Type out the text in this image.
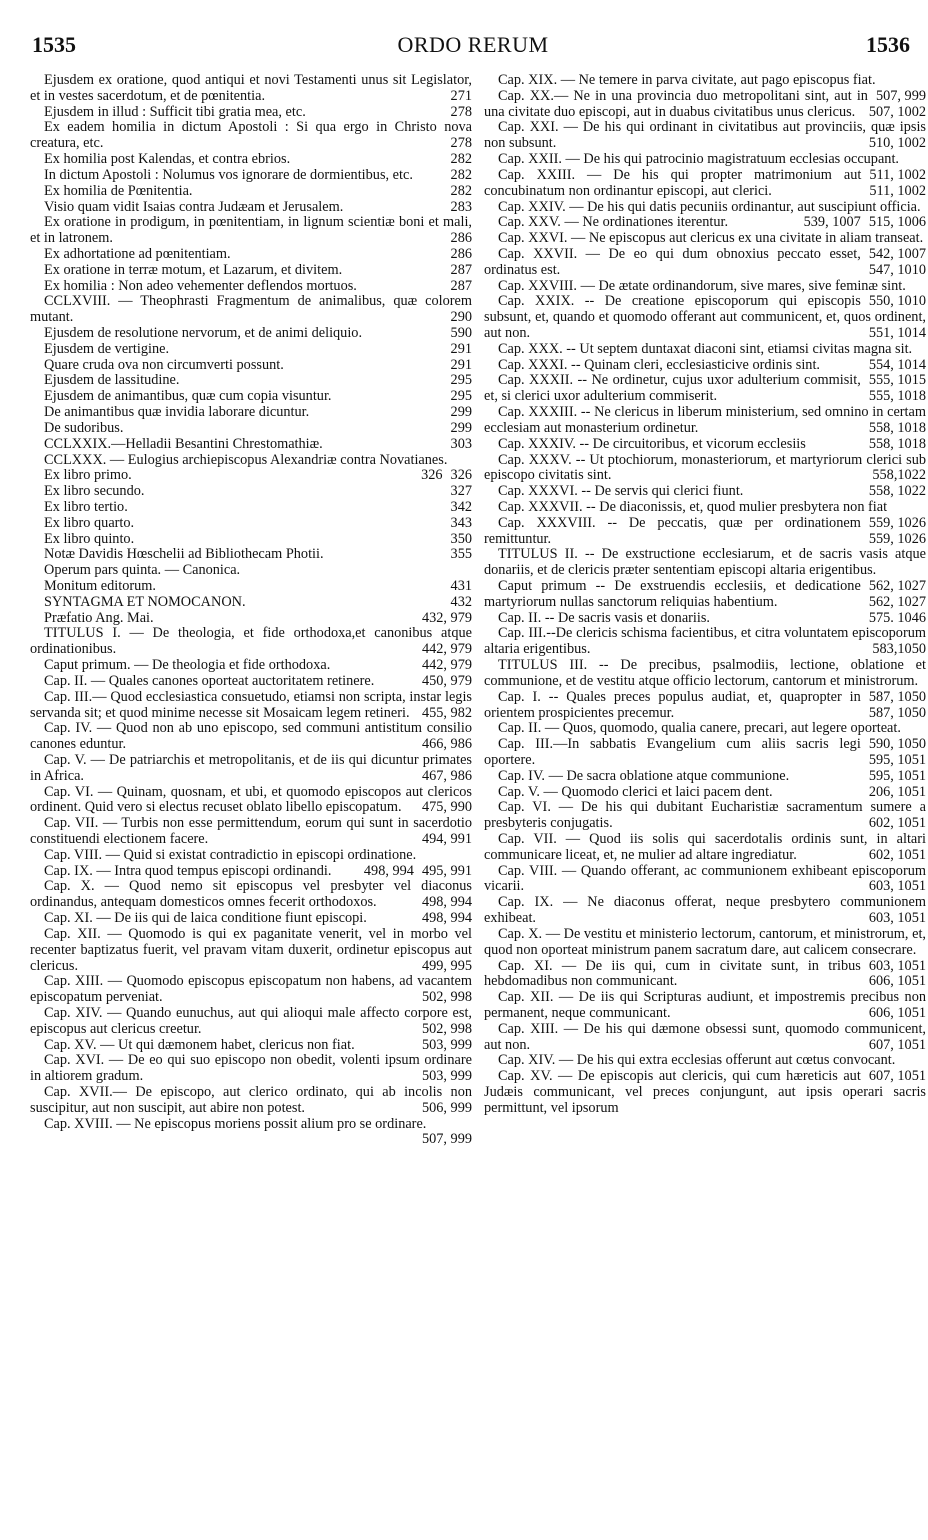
1535	ORDO RERUM	1536

Ejusdem ex oratione, quod antiqui et novi Testamenti unus sit Legislator, et in vestes sacerdotum, et de pœnitentia.	271

Ejusdem in illud : Sufficit tibi gratia mea, etc.	278

Ex eadem homilia in dictum Apostoli : Si qua ergo in Christo nova creatura, etc.	278

Ex homilia post Kalendas, et contra ebrios.	282

In dictum Apostoli : Nolumus vos ignorare de dormientibus, etc.	282

Ex homilia de Pœnitentia.	282

Visio quam vidit Isaias contra Judæam et Jerusalem.	283

Ex oratione in prodigum, in pœnitentiam, in lignum scientiæ boni et mali, et in latronem.	286

Ex adhortatione ad pœnitentiam.	286

Ex oratione in terræ motum, et Lazarum, et divitem.	287

Ex homilia : Non adeo vehementer deflendos mortuos.	287

CCLXVIII. — Theophrasti Fragmentum de animalibus, quæ colorem mutant.	290

Ejusdem de resolutione nervorum, et de animi deliquio.	590

Ejusdem de vertigine.	291

Quare cruda ova non circumverti possunt.	291

Ejusdem de lassitudine.	295

Ejusdem de animantibus, quæ cum copia visuntur.	295

De animantibus quæ invidia laborare dicuntur.	299

De sudoribus.	299

CCLXXIX.—Helladii Besantini Chrestomathiæ.	303

CCLXXX. — Eulogius archiepiscopus Alexandriæ contra Novatianes.
326

Ex libro primo.	326

Ex libro secundo.	327

Ex libro tertio.	342

Ex libro quarto.	343

Ex libro quinto.	350

Notæ Davidis Hœschelii ad Bibliothecam Photii.	355

Operum pars quinta. — Canonica.

Monitum editorum.	431

SYNTAGMA ET NOMOCANON.	432

Præfatio Ang. Mai.	432, 979

TITULUS I. — De theologia, et fide orthodoxa,et canonibus atque ordinationibus.	442, 979

Caput primum. — De theologia et fide orthodoxa.	442, 979

Cap. II. — Quales canones oporteat auctoritatem retinere.	450, 979

Cap. III.— Quod ecclesiastica consuetudo, etiamsi non scripta, instar legis servanda sit; et quod minime necesse sit Mosaicam legem retineri. 455, 982

Cap. IV. — Quod non ab uno episcopo, sed communi antistitum consilio canones eduntur.	466, 986

Cap. V. — De patriarchis et metropolitanis, et de iis qui dicuntur primates in Africa.	467, 986

Cap. VI. — Quinam, quosnam, et ubi, et quomodo episcopos aut clericos ordinent. Quid vero si electus recuset oblato libello episcopatum.	475, 990

Cap. VII. — Turbis non esse permittendum, eorum qui sunt in sacerdotio constituendi electionem facere.	494, 991

Cap. VIII. — Quid si existat contradictio in episcopi ordinatione.
495, 991

Cap. IX. — Intra quod tempus episcopi ordinandi.	498, 994

Cap. X. — Quod nemo sit episcopus vel presbyter vel diaconus ordinandus, antequam domesticos omnes fecerit orthodoxos.	498, 994

Cap. XI. — De iis qui de laica conditione fiunt episcopi.	498, 994

Cap. XII. — Quomodo is qui ex paganitate venerit, vel in morbo vel recenter baptizatus fuerit, vel pravam vitam duxerit, ordinetur episcopus aut clericus.	499, 995

Cap. XIII. — Quomodo episcopus episcopatum non habens, ad vacantem episcopatum perveniat.	502, 998

Cap. XIV. — Quando eunuchus, aut qui alioqui male affecto corpore est, episcopus aut clericus creetur.	502, 998

Cap. XV. — Ut qui dæmonem habet, clericus non fiat.	503, 999

Cap. XVI. — De eo qui suo episcopo non obedit, volenti ipsum ordinare in altiorem gradum.	503, 999

Cap. XVII.— De episcopo, aut clerico ordinato, qui ab incolis non suscipitur, aut non suscipit, aut abire non potest.	506, 999

Cap. XVIII. — Ne episcopus moriens possit alium pro se ordinare.
507, 999

Cap. XIX. — Ne temere in parva civitate, aut pago episcopus fiat.
507, 999

Cap. XX.— Ne in una provincia duo metropolitani sint, aut in una civitate duo episcopi, aut in duabus civitatibus unus clericus. 507, 1002

Cap. XXI. — De his qui ordinant in civitatibus aut provinciis, quæ ipsis non subsunt.	510, 1002

Cap. XXII. — De his qui patrocinio magistratuum ecclesias occupant.
511, 1002

Cap. XXIII. — De his qui propter matrimonium aut concubinatum non ordinantur episcopi, aut clerici.	511, 1002

Cap. XXIV. — De his qui datis pecuniis ordinantur, aut suscipiunt officia.
515, 1006

Cap. XXV. — Ne ordinationes iterentur.	539, 1007

Cap. XXVI. — Ne episcopus aut clericus ex una civitate in aliam transeat.
542, 1007

Cap. XXVII. — De eo qui dum obnoxius peccato esset, ordinatus est.	547, 1010

Cap. XXVIII. — De ætate ordinandorum, sive mares, sive feminæ sint.
550, 1010

Cap. XXIX. -- De creatione episcoporum qui episcopis subsunt, et, quando et quomodo offerant aut communicent, et, quos ordinent, aut non.	551, 1014

Cap. XXX. -- Ut septem duntaxat diaconi sint, etiamsi civitas magna sit.
554, 1014

Cap. XXXI. -- Quinam cleri, ecclesiasticive ordinis sint.
555, 1015

Cap. XXXII. -- Ne ordinetur, cujus uxor adulterium commisit, et, si clerici uxor adulterium commiserit.	555, 1018

Cap. XXXIII. -- Ne clericus in liberum ministerium, sed omnino in certam ecclesiam aut monasterium ordinetur.	558, 1018

Cap. XXXIV. -- De circuitoribus, et vicorum ecclesiis	558, 1018

Cap. XXXV. -- Ut ptochiorum, monasteriorum, et martyriorum clerici sub episcopo civitatis sint.	558,1022

Cap. XXXVI. -- De servis qui clerici fiunt.	558, 1022

Cap. XXXVII. -- De diaconissis, et, quod mulier presbytera non fiat
559, 1026

Cap. XXXVIII. -- De peccatis, quæ per ordinationem remittuntur.	559, 1026

TITULUS II. -- De exstructione ecclesiarum, et de sacris vasis atque donariis, et de clericis præter sententiam episcopi altaria erigentibus.
562, 1027

Caput primum -- De exstruendis ecclesiis, et dedicatione martyriorum nullas sanctorum reliquias habentium.	562, 1027

Cap. II. -- De sacris vasis et donariis.	575. 1046

Cap. III.--De clericis schisma facientibus, et citra voluntatem episcoporum altaria erigentibus.	583,1050

TITULUS III. -- De precibus, psalmodiis, lectione, oblatione et communione, et de vestitu atque officio lectorum, cantorum et ministrorum.
587, 1050

Cap. I. -- Quales preces populus audiat, et, quapropter in orientem prospicientes precemur.	587, 1050

Cap. II. — Quos, quomodo, qualia canere, precari, aut legere oporteat.
590, 1050

Cap. III.—In sabbatis Evangelium cum aliis sacris legi oportere.	595, 1051

Cap. IV. — De sacra oblatione atque communione.	595, 1051

Cap. V. — Quomodo clerici et laici pacem dent.	206, 1051

Cap. VI. — De his qui dubitant Eucharistiæ sacramentum sumere a presbyteris conjugatis.	602, 1051

Cap. VII. — Quod iis solis qui sacerdotalis ordinis sunt, in altari communicare liceat, et, ne mulier ad altare ingrediatur.	602, 1051

Cap. VIII. — Quando offerant, ac communionem exhibeant episcoporum vicarii.	603, 1051

Cap. IX. — Ne diaconus offerat, neque presbytero communionem exhibeat.	603, 1051

Cap. X. — De vestitu et ministerio lectorum, cantorum, et ministrorum, et, quod non oporteat ministrum panem sacratum dare, aut calicem consecrare.
603, 1051

Cap. XI. — De iis qui, cum in civitate sunt, in tribus hebdomadibus non communicant.	606, 1051

Cap. XII. — De iis qui Scripturas audiunt, et impostremis precibus non permanent, neque communicant.	606, 1051

Cap. XIII. — De his qui dæmone obsessi sunt, quomodo communicent, aut non.	607, 1051

Cap. XIV. — De his qui extra ecclesias offerunt aut cœtus convocant.
607, 1051

Cap. XV. — De episcopis aut clericis, qui cum hæreticis aut Judæis communicant, vel preces conjungunt, aut ipsis operari sacris permittunt, vel ipsorum
